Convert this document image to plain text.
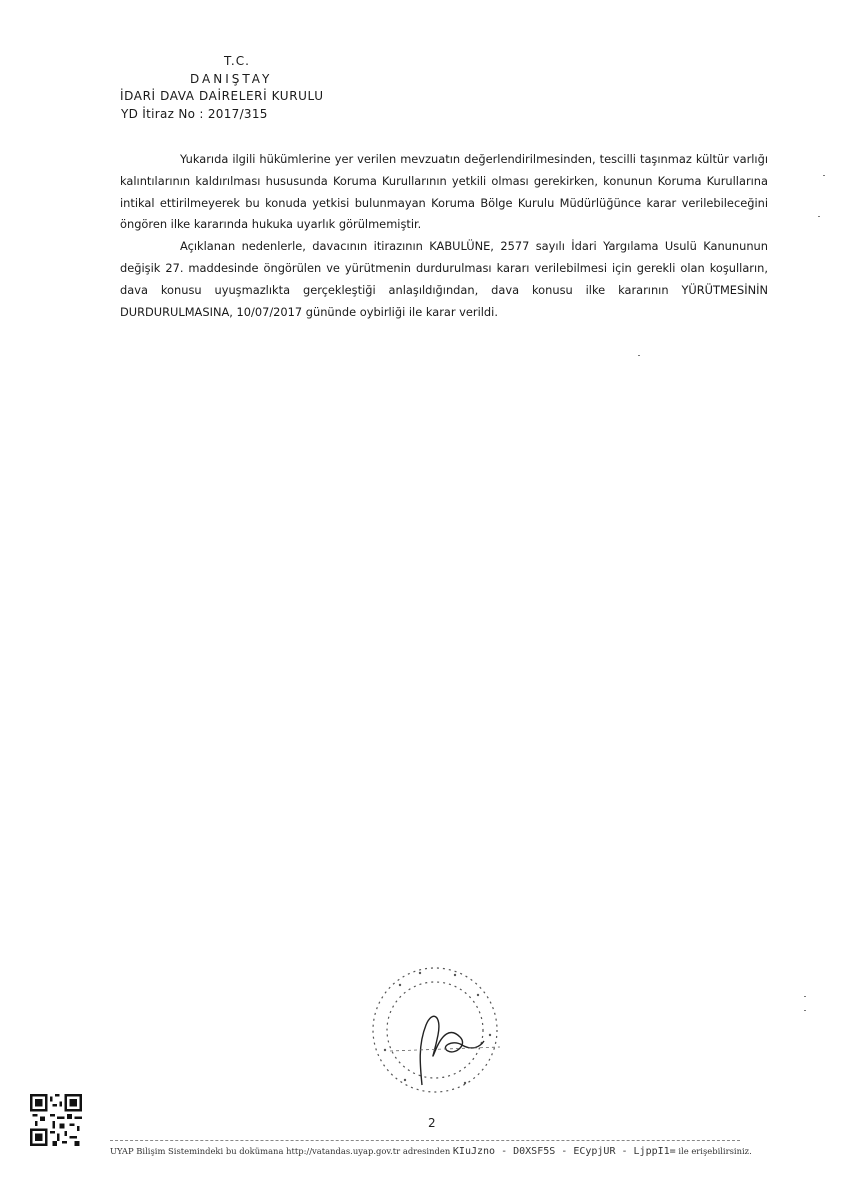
T.C.
DANIŞTAY
İDARİ DAVA DAİRELERİ KURULU
YD İtiraz No : 2017/315

Yukarıda ilgili hükümlerine yer verilen mevzuatın değerlendirilmesinden, tescilli taşınmaz kültür varlığı kalıntılarının kaldırılması hususunda Koruma Kurullarının yetkili olması gerekirken, konunun Koruma Kurullarına intikal ettirilmeyerek bu konuda yetkisi bulunmayan Koruma Bölge Kurulu Müdürlüğünce karar verilebileceğini öngören ilke kararında hukuka uyarlık görülmemiştir.

Açıklanan nedenlerle, davacının itirazının KABULÜNE, 2577 sayılı İdari Yargılama Usulü Kanununun değişik 27. maddesinde öngörülen ve yürütmenin durdurulması kararı verilebilmesi için gerekli olan koşulların, dava konusu uyuşmazlıkta gerçekleştiği anlaşıldığından, dava konusu ilke kararının YÜRÜTMESİNİN DURDURULMASINA, 10/07/2017 gününde oybirliği ile karar verildi.

2
UYAP Bilişim Sistemindeki bu dokümana http://vatandas.uyap.gov.tr adresinden KIuJzno - D0XSF5S - ECypjUR - LjppI1= ile erişebilirsiniz.
